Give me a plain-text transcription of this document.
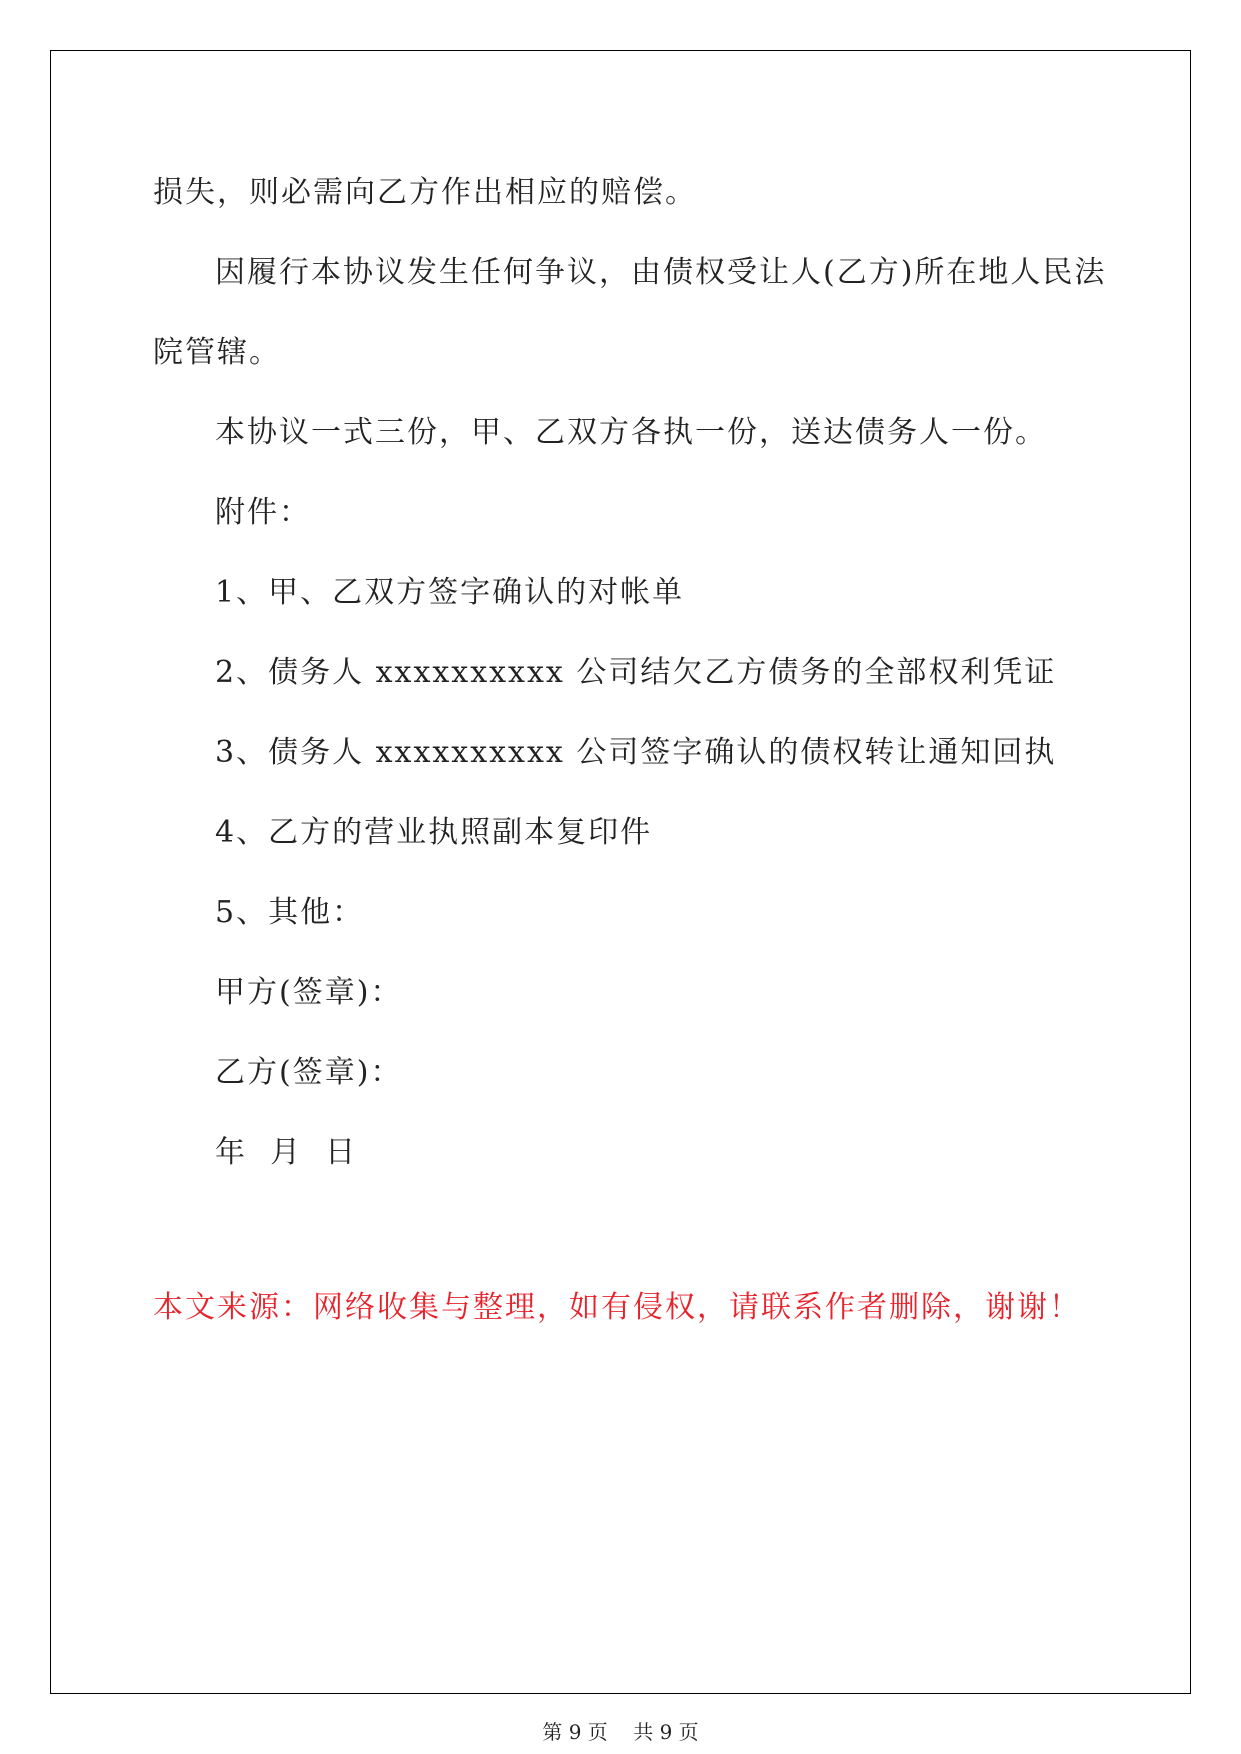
损失，则必需向乙方作出相应的赔偿。
因履行本协议发生任何争议，由债权受让人(乙方)所在地人民法
院管辖。
本协议一式三份，甲、乙双方各执一份，送达债务人一份。
附件：
1、甲、乙双方签字确认的对帐单
2、债务人 xxxxxxxxxx 公司结欠乙方债务的全部权利凭证
3、债务人 xxxxxxxxxx 公司签字确认的债权转让通知回执
4、乙方的营业执照副本复印件
5、其他：
甲方(签章)：
乙方(签章)：
年  月  日
本文来源：网络收集与整理，如有侵权，请联系作者删除，谢谢！
第 9 页    共 9 页
